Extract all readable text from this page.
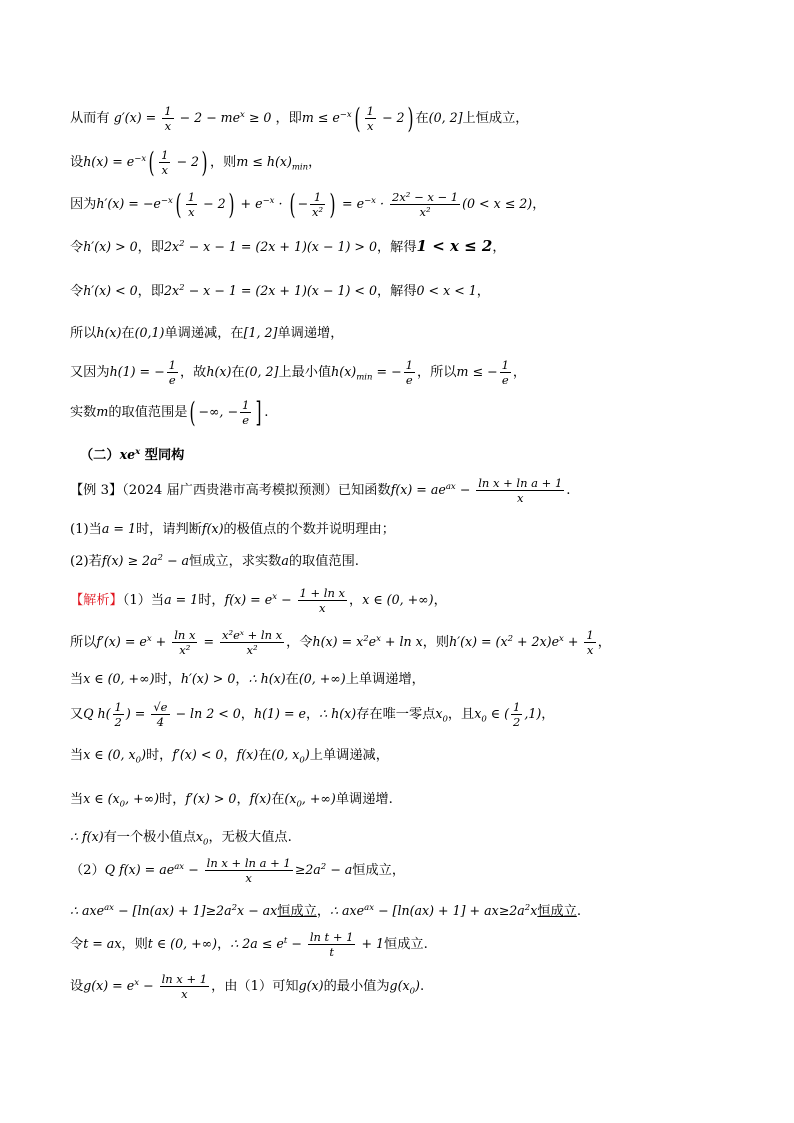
从而有 $g'(x) = \frac{1}{x} - 2 - me^x \ge 0$ ，即$m \le e^{-x}( \frac{1}{x} - 2)$ 在(0, 2]上恒成立，
设$h(x) = e^{-x}( \frac{1}{x} - 2)$ ，则$m \le h(x)_{min}$，
因为$h'(x) = -e^{-x}( \frac{1}{x} - 2) + e^{-x}$ · ( − $\frac{1}{\text{x²}}$ ) = $e^{-x} \cdot \frac{\text{2x² − x − 1}}{\text{x²}} (0 < x \le 2)$，
令h′(x) > 0，即$2x^2 - x - 1 = (2x + 1)(x - 1) > 0$，解得1 < x ≤ 2，
令h′(x) < 0，即$2x^2 - x - 1 = (2x + 1)(x - 1) < 0$，解得0 < x < 1，
所以h(x)在(0,1)单调递减，在[1, 2]单调递增，
又因为h(1) = − $\frac{1}{e}$ ，故h(x)在(0, 2]上最小值$h(x)_{min}$ = − $\frac{1}{e}$ ，所以m ≤ − $\frac{1}{e}$ ，
实数m的取值范围是( −∞, − $\frac{1}{e}$ ] .
（二）$xe^x$ 型同构
【例 3】（2024 届广西贵港市高考模拟预测）已知函数$f(x) = ae^{ax} - \frac{\text{ln x + ln a + 1}}{x}$ .
(1)当a = 1时，请判断f(x)的极值点的个数并说明理由；
(2)若$f(x) \ge 2a^2 - a$恒成立，求实数a的取值范围.
【解析】（1）当a = 1时，$f(x) = e^x - \frac{\text{1 + ln x}}{x}$ ，x ∈ (0, +∞)，
所以$f'(x) = e^x + \frac{\text{ln x}}{\text{x²}} = \frac{\text{x²eˣ + ln x}}{\text{x²}}$ ，令$h(x) = x^2e^x + \ln x$，则$h'(x) = (x^2 + 2x)e^x + \frac{1}{x}$ ，
当x ∈ (0, +∞)时，h′(x) > 0，∴ h(x)在(0, +∞)上单调递增，
又Q $h( \frac{1}{2}$ ) = $\frac{√e}{4} - \ln 2 < 0$，h(1) = e，∴ h(x)存在唯一零点$x_0$，且$x_0$ ∈ ( $\frac{1}{2} ,1$)，
当x ∈ (0, $x_0$)时，f′(x) < 0，f(x)在(0, $x_0$)上单调递减，
当x ∈ ($x_0$, +∞)时，f′(x) > 0，f(x)在($x_0$, +∞)单调递增.
∴ f(x)有一个极小值点$x_0$，无极大值点.
（2）Q $f(x) = ae^{ax} - \frac{\text{ln x + ln a + 1}}{x} \ge 2a^2 - a$恒成立，
∴ $axe^{ax} - [\ln(ax) + 1]\ge 2a^2x$ − ax恒成立，∴ $axe^{ax} - [\ln(ax) + 1] + ax\ge 2a^2x$恒成立.
令t = ax，则t ∈ (0, +∞)，∴ $2a \le e^t - \frac{\text{ln t + 1}}{t} + 1$恒成立.
设$g(x) = e^x - \frac{\text{ln x + 1}}{x}$ ，由（1）可知g(x)的最小值为$g(x_0)$.
